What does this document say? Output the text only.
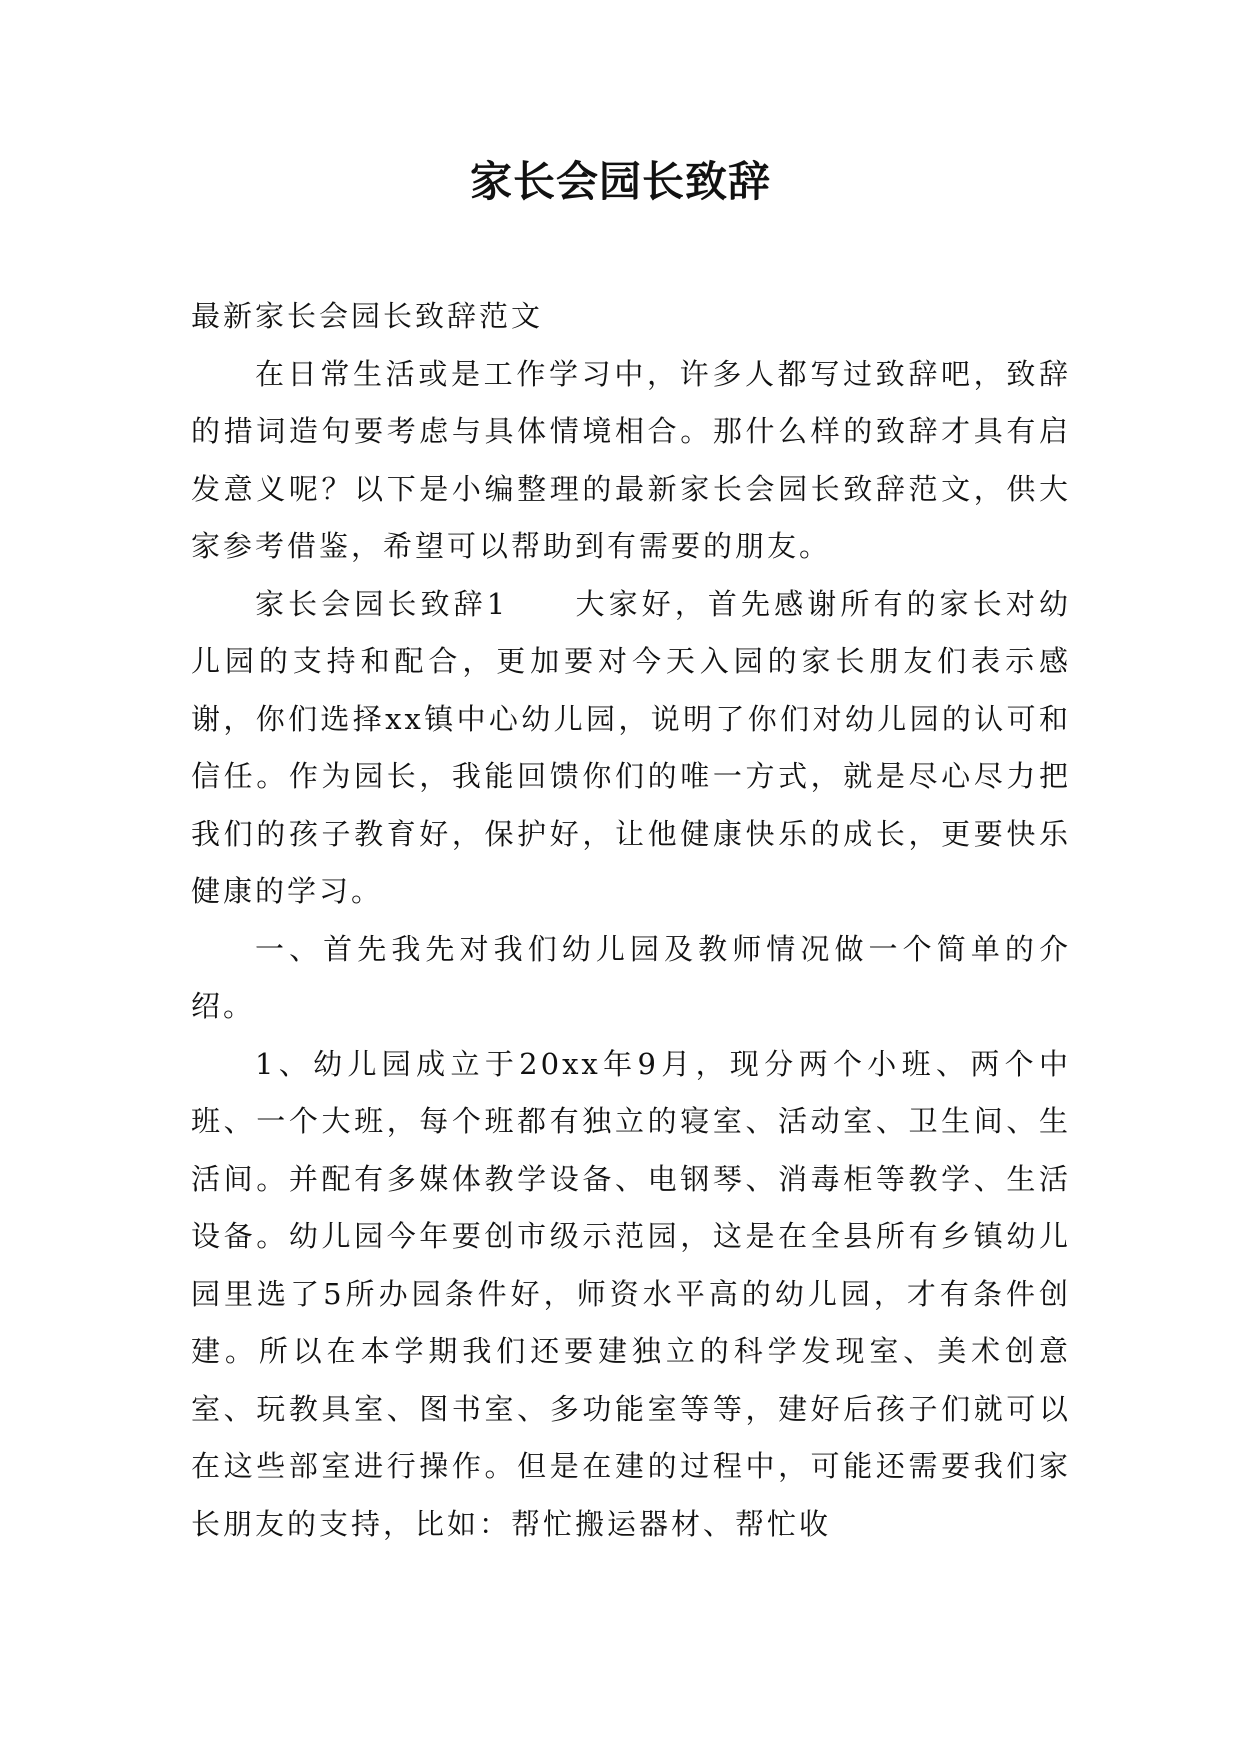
家长会园长致辞

最新家长会园长致辞范文

在日常生活或是工作学习中，许多人都写过致辞吧，致辞的措词造句要考虑与具体情境相合。那什么样的致辞才具有启发意义呢？以下是小编整理的最新家长会园长致辞范文，供大家参考借鉴，希望可以帮助到有需要的朋友。

家长会园长致辞1　　大家好，首先感谢所有的家长对幼儿园的支持和配合，更加要对今天入园的家长朋友们表示感谢，你们选择xx镇中心幼儿园，说明了你们对幼儿园的认可和信任。作为园长，我能回馈你们的唯一方式，就是尽心尽力把我们的孩子教育好，保护好，让他健康快乐的成长，更要快乐健康的学习。

一、首先我先对我们幼儿园及教师情况做一个简单的介绍。

1、幼儿园成立于20xx年9月，现分两个小班、两个中班、一个大班，每个班都有独立的寝室、活动室、卫生间、生活间。并配有多媒体教学设备、电钢琴、消毒柜等教学、生活设备。幼儿园今年要创市级示范园，这是在全县所有乡镇幼儿园里选了5所办园条件好，师资水平高的幼儿园，才有条件创建。所以在本学期我们还要建独立的科学发现室、美术创意室、玩教具室、图书室、多功能室等等，建好后孩子们就可以在这些部室进行操作。但是在建的过程中，可能还需要我们家长朋友的支持，比如：帮忙搬运器材、帮忙收
